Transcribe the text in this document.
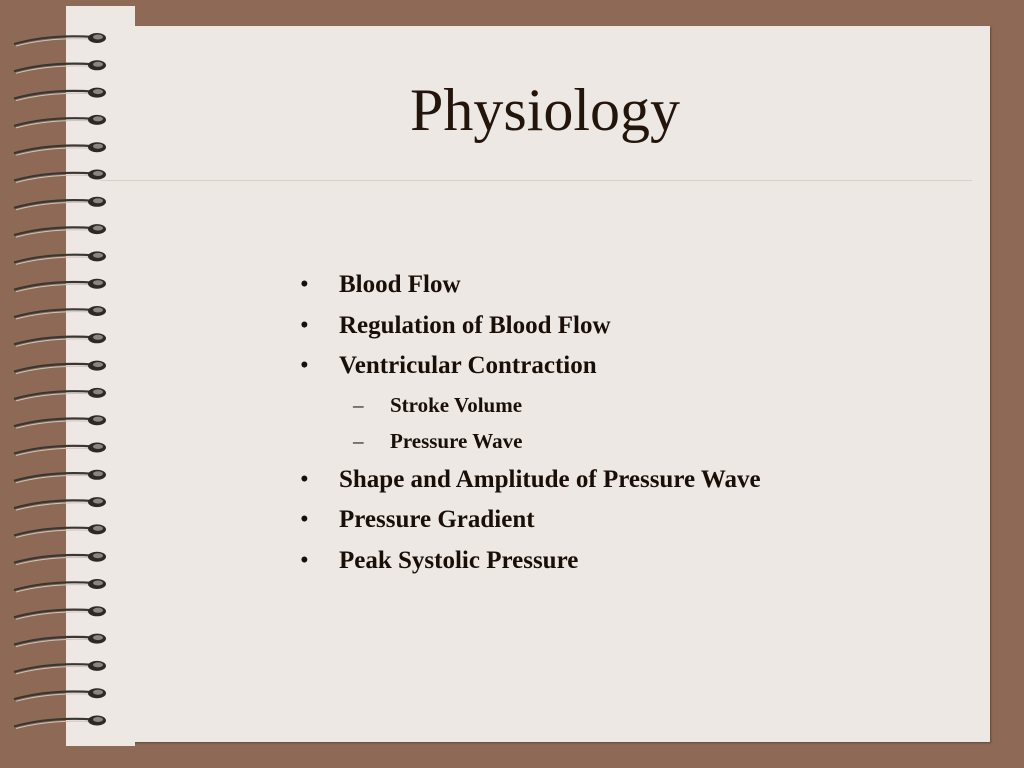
Physiology
• Blood Flow
• Regulation of Blood Flow
• Ventricular Contraction
– Stroke Volume
– Pressure Wave
• Shape and Amplitude of Pressure Wave
• Pressure Gradient
• Peak Systolic Pressure
